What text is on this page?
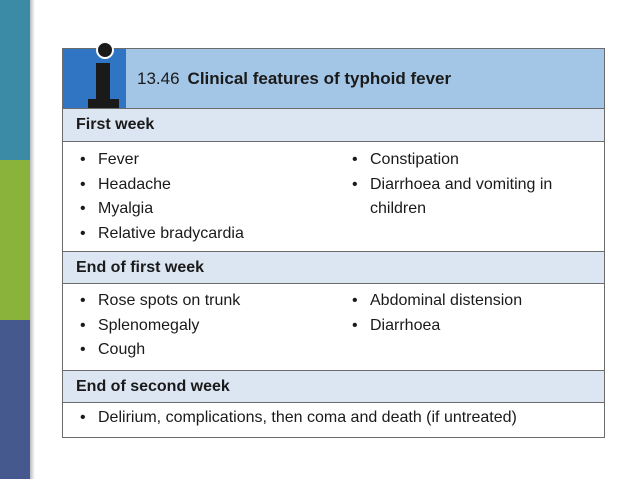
13.46 Clinical features of typhoid fever
First week
• Fever
• Headache
• Myalgia
• Relative bradycardia
• Constipation
• Diarrhoea and vomiting in children
End of first week
• Rose spots on trunk
• Splenomegaly
• Cough
• Abdominal distension
• Diarrhoea
End of second week
• Delirium, complications, then coma and death (if untreated)
